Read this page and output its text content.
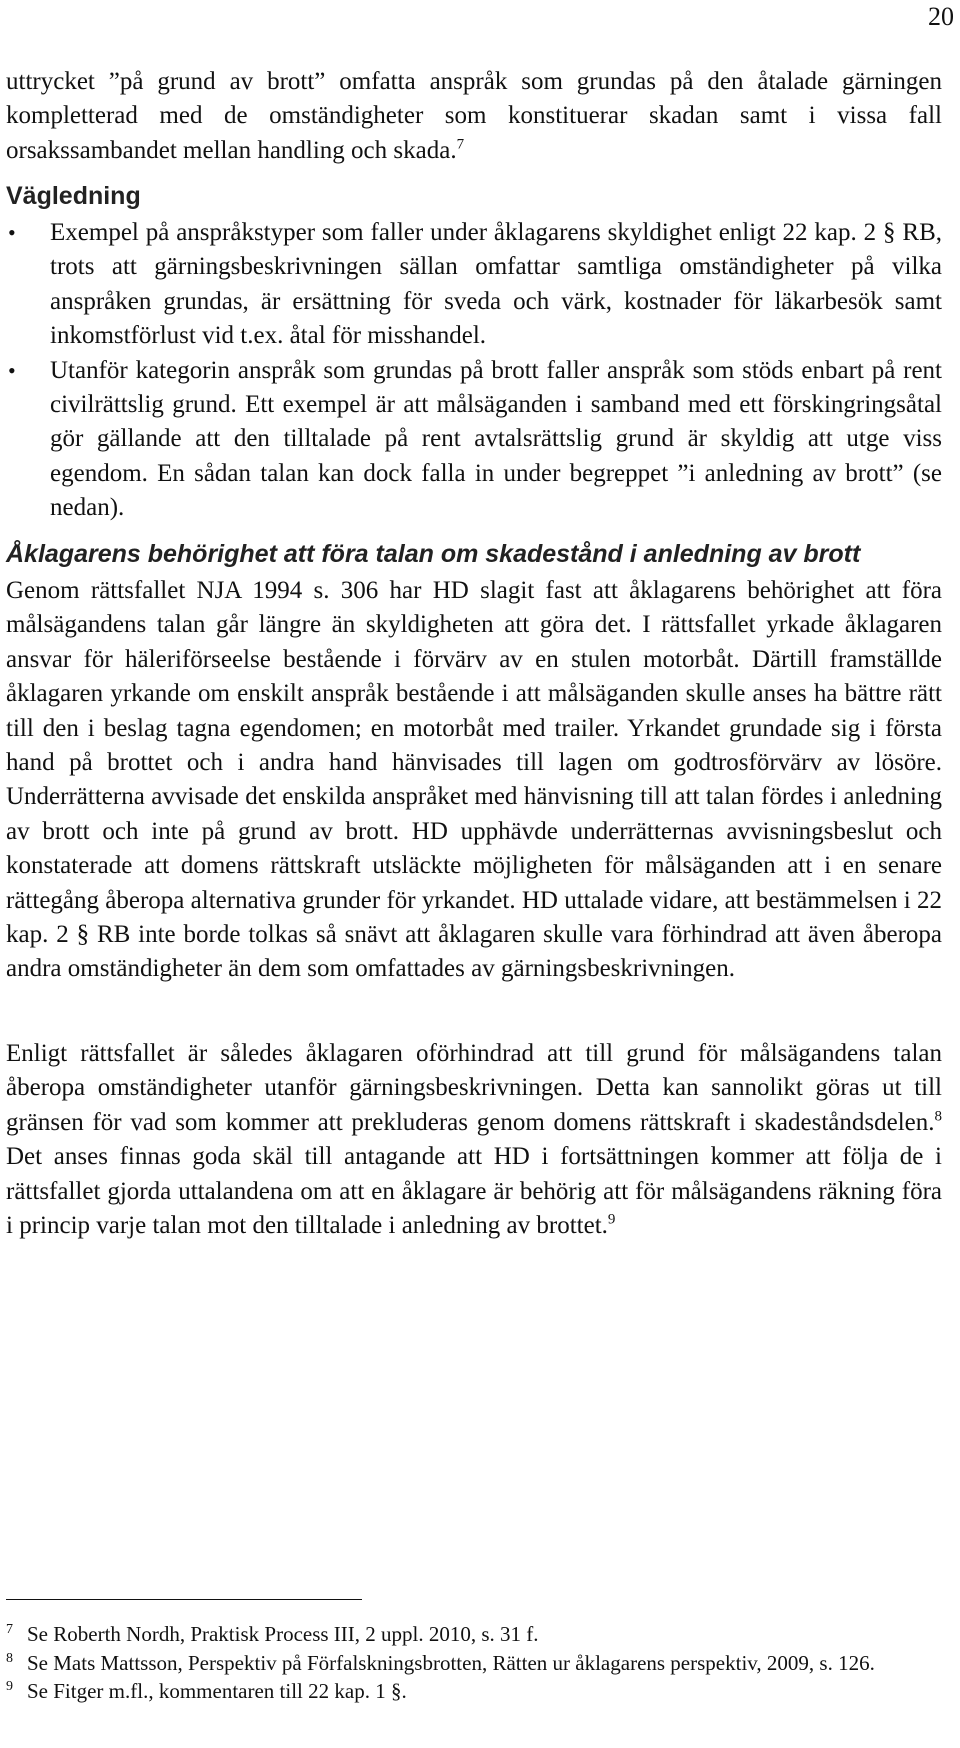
20

uttrycket ”på grund av brott” omfatta anspråk som grundas på den åtalade gärningen kompletterad med de omständigheter som konstituerar skadan samt i vissa fall orsakssambandet mellan handling och skada.$^7$

Vägledning
• Exempel på anspråkstyper som faller under åklagarens skyldighet enligt 22 kap. 2 § RB, trots att gärningsbeskrivningen sällan omfattar samtliga omständigheter på vilka anspråken grundas, är ersättning för sveda och värk, kostnader för läkarbesök samt inkomstförlust vid t.ex. åtal för misshandel.
• Utanför kategorin anspråk som grundas på brott faller anspråk som stöds enbart på rent civilrättslig grund. Ett exempel är att målsäganden i samband med ett förskingringsåtal gör gällande att den tilltalade på rent avtalsrättslig grund är skyldig att utge viss egendom. En sådan talan kan dock falla in under begreppet ”i anledning av brott” (se nedan).
Åklagarens behörighet att föra talan om skadestånd i anledning av brott

Genom rättsfallet NJA 1994 s. 306 har HD slagit fast att åklagarens behörighet att föra målsägandens talan går längre än skyldigheten att göra det. I rättsfallet yrkade åklagaren ansvar för häleriförseelse bestående i förvärv av en stulen motorbåt. Därtill framställde åklagaren yrkande om enskilt anspråk bestående i att målsäganden skulle anses ha bättre rätt till den i beslag tagna egendomen; en motorbåt med trailer. Yrkandet grundade sig i första hand på brottet och i andra hand hänvisades till lagen om godtrosförvärv av lösöre. Underrätterna avvisade det enskilda anspråket med hänvisning till att talan fördes i anledning av brott och inte på grund av brott. HD upphävde underrätternas avvisningsbeslut och konstaterade att domens rättskraft utsläckte möjligheten för målsäganden att i en senare rättegång åberopa alternativa grunder för yrkandet. HD uttalade vidare, att bestämmelsen i 22 kap. 2 § RB inte borde tolkas så snävt att åklagaren skulle vara förhindrad att även åberopa andra omständigheter än dem som omfattades av gärningsbeskrivningen.

Enligt rättsfallet är således åklagaren oförhindrad att till grund för målsägandens talan åberopa omständigheter utanför gärningsbeskrivningen. Detta kan sannolikt göras ut till gränsen för vad som kommer att prekluderas genom domens rättskraft i skadeståndsdelen.$^8$ Det anses finnas goda skäl till antagande att HD i fortsättningen kommer att följa de i rättsfallet gjorda uttalandena om att en åklagare är behörig att för målsägandens räkning föra i princip varje talan mot den tilltalade i anledning av brottet.$^9$

$^7$ Se Roberth Nordh, Praktisk Process III, 2 uppl. 2010, s. 31 f.

$^8$ Se Mats Mattsson, Perspektiv på Förfalskningsbrotten, Rätten ur åklagarens perspektiv, 2009, s. 126.

$^9$ Se Fitger m.fl., kommentaren till 22 kap. 1 §.
